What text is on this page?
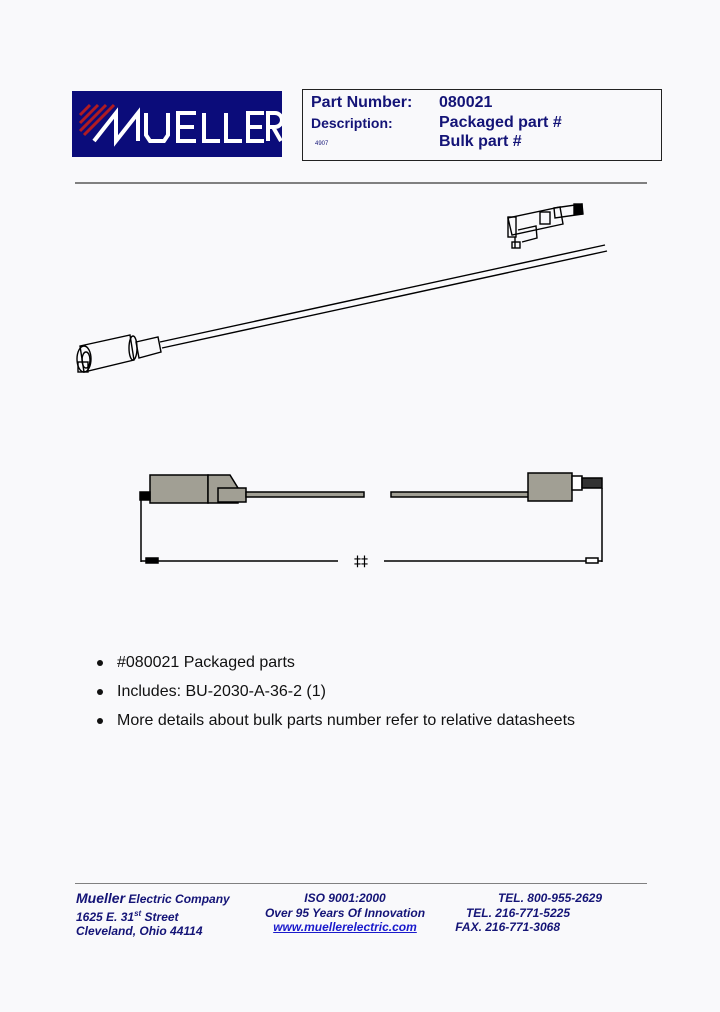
Part Number: 080021
Description:	Packaged part #
Bulk part #
4907
‡‡
#080021 Packaged parts
Includes: BU-2030-A-36-2 (1)
More details about bulk parts number refer to relative datasheets
Mueller Electric Company
1625 E. 31st Street
Cleveland, Ohio 44114
ISO 9001:2000
Over 95 Years Of Innovation
www.muellerelectric.com
TEL. 800-955-2629
TEL. 216-771-5225
FAX. 216-771-3068
